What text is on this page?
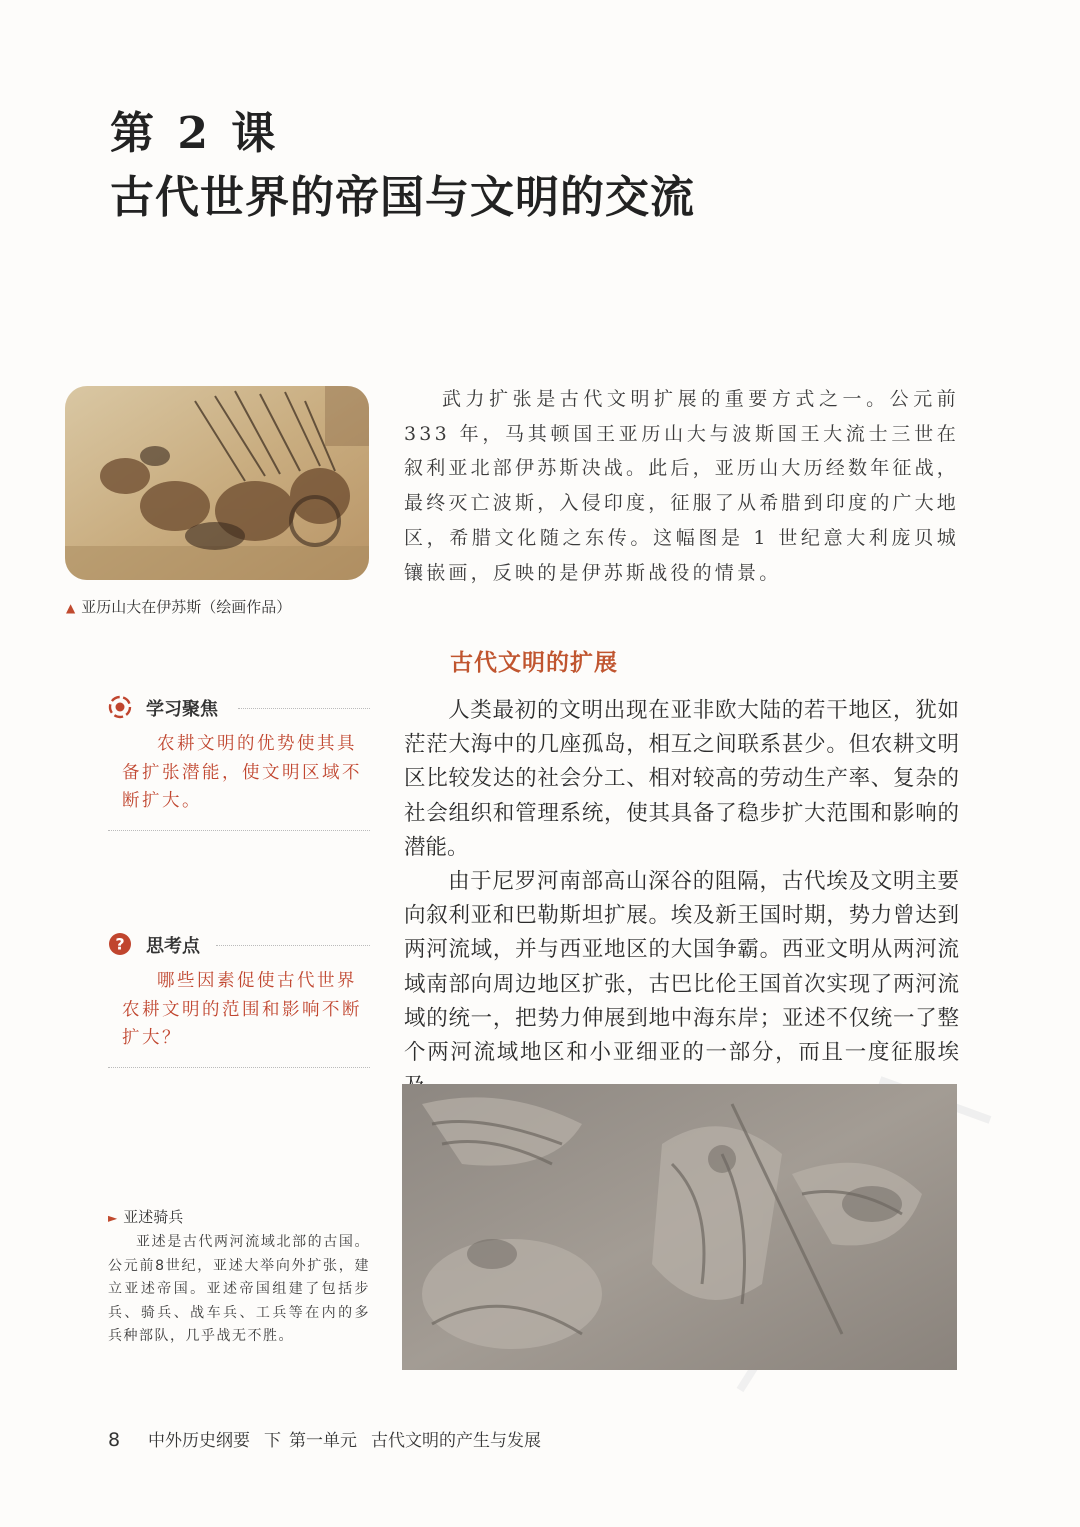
第 2 课
古代世界的帝国与文明的交流
▲ 亚历山大在伊苏斯（绘画作品）

武力扩张是古代文明扩展的重要方式之一。公元前 333 年，马其顿国王亚历山大与波斯国王大流士三世在叙利亚北部伊苏斯决战。此后，亚历山大历经数年征战，最终灭亡波斯，入侵印度，征服了从希腊到印度的广大地区，希腊文化随之东传。这幅图是 1 世纪意大利庞贝城镶嵌画，反映的是伊苏斯战役的情景。

古代文明的扩展

人类最初的文明出现在亚非欧大陆的若干地区，犹如茫茫大海中的几座孤岛，相互之间联系甚少。但农耕文明区比较发达的社会分工、相对较高的劳动生产率、复杂的社会组织和管理系统，使其具备了稳步扩大范围和影响的潜能。

由于尼罗河南部高山深谷的阻隔，古代埃及文明主要向叙利亚和巴勒斯坦扩展。埃及新王国时期，势力曾达到两河流域，并与西亚地区的大国争霸。西亚文明从两河流域南部向周边地区扩张，古巴比伦王国首次实现了两河流域的统一，把势力伸展到地中海东岸；亚述不仅统一了整个两河流域地区和小亚细亚的一部分，而且一度征服埃

学习聚焦

农耕文明的优势使其具备扩张潜能，使文明区域不断扩大。

? 思考点

哪些因素促使古代世界农耕文明的范围和影响不断扩大？

► 亚述骑兵

亚述是古代两河流域北部的古国。公元前8世纪，亚述大举向外扩张，建立亚述帝国。亚述帝国组建了包括步兵、骑兵、战车兵、工兵等在内的多兵种部队，几乎战无不胜。

8 中外历史纲要 下 第一单元 古代文明的产生与发展
